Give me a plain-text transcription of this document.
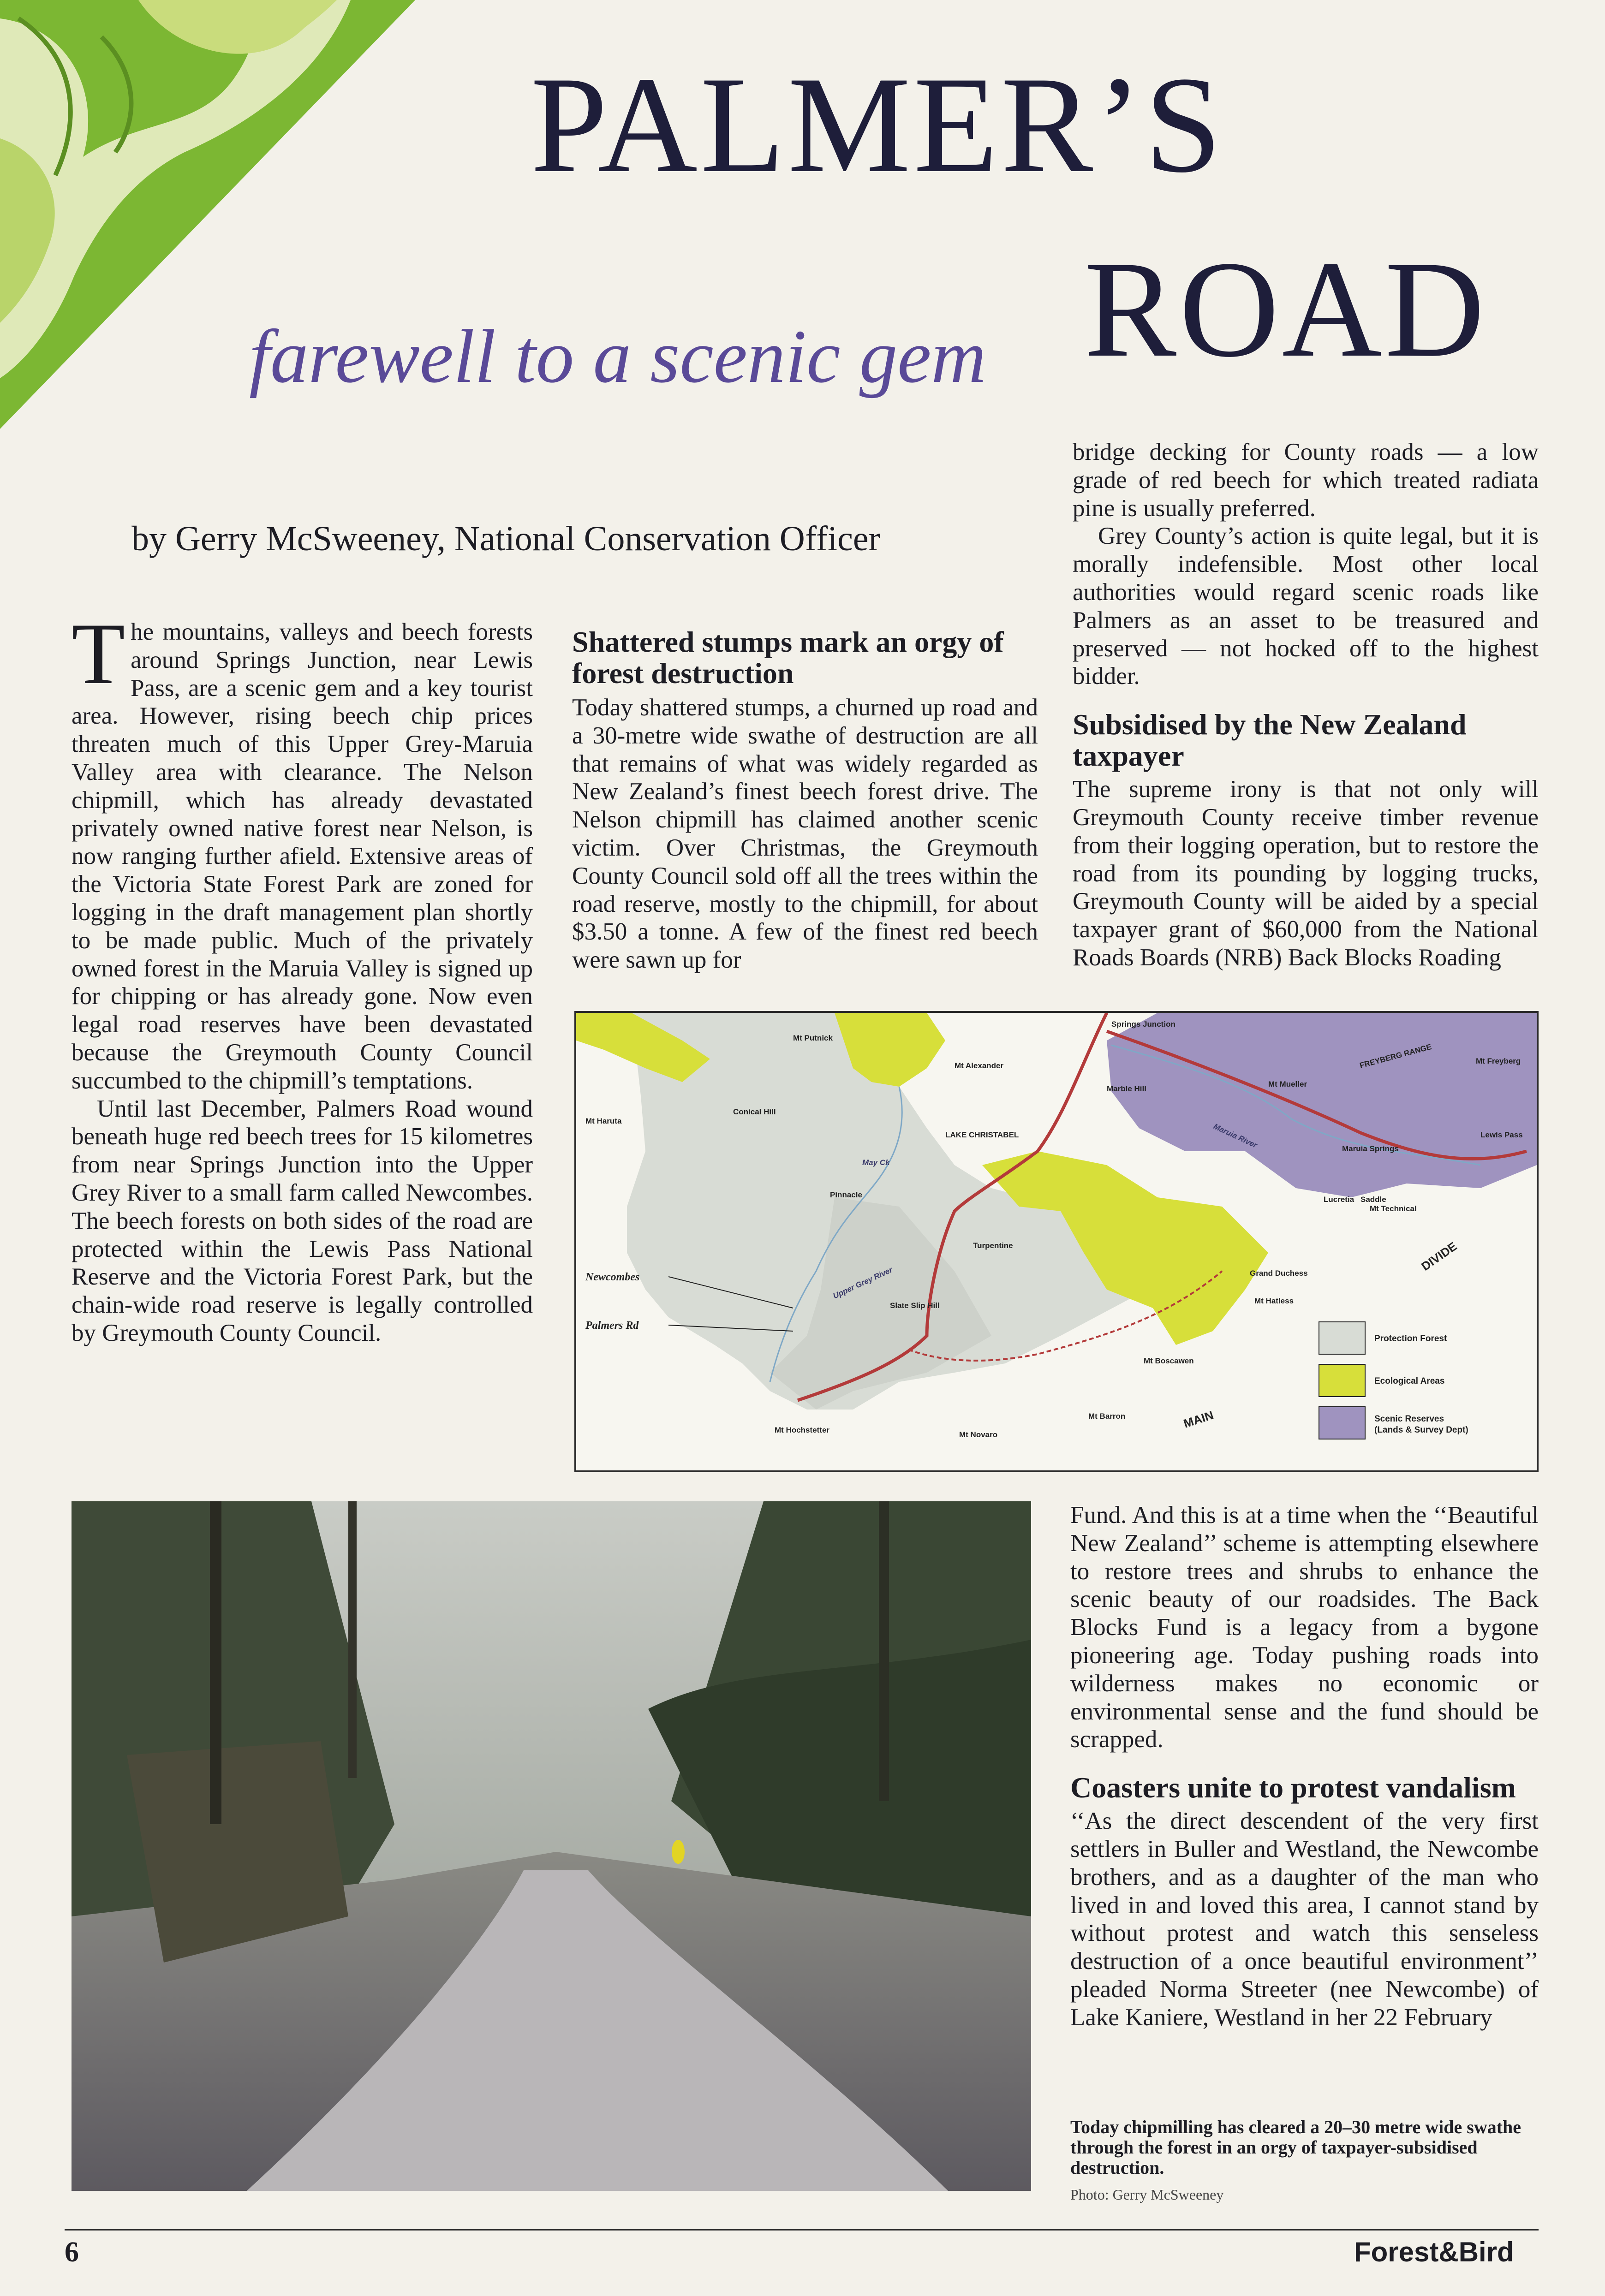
PALMER’S
ROAD
farewell to a scenic gem
by Gerry McSweeney, National Conservation Officer

The mountains, valleys and beech forests around Springs Junction, near Lewis Pass, are a scenic gem and a key tourist area. However, rising beech chip prices threaten much of this Upper Grey-Maruia Valley area with clearance. The Nelson chipmill, which has already devastated privately owned native forest near Nelson, is now ranging further afield. Extensive areas of the Victoria State Forest Park are zoned for logging in the draft management plan shortly to be made public. Much of the privately owned forest in the Maruia Valley is signed up for chipping or has already gone. Now even legal road reserves have been devastated because the Greymouth County Council succumbed to the chipmill’s temptations.

Until last December, Palmers Road wound beneath huge red beech trees for 15 kilometres from near Springs Junction into the Upper Grey River to a small farm called Newcombes. The beech forests on both sides of the road are protected within the Lewis Pass National Reserve and the Victoria Forest Park, but the chain-wide road reserve is legally controlled by Greymouth County Council.

Shattered stumps mark an orgy of forest destruction

Today shattered stumps, a churned up road and a 30-metre wide swathe of destruction are all that remains of what was widely regarded as New Zealand’s finest beech forest drive. The Nelson chipmill has claimed another scenic victim. Over Christmas, the Greymouth County Council sold off all the trees within the road reserve, mostly to the chipmill, for about $3.50 a tonne. A few of the finest red beech were sawn up for

bridge decking for County roads — a low grade of red beech for which treated radiata pine is usually preferred.

Grey County’s action is quite legal, but it is morally indefensible. Most other local authorities would regard scenic roads like Palmers as an asset to be treasured and preserved — not hocked off to the highest bidder.

Subsidised by the New Zealand taxpayer

The supreme irony is that not only will Greymouth County receive timber revenue from their logging operation, but to restore the road from its pounding by logging trucks, Greymouth County will be aided by a special taxpayer grant of $60,000 from the National Roads Boards (NRB) Back Blocks Roading

Mt Putnick
Mt Alexander
Springs Junction
Marble Hill
Mt Mueller
Mt Freyberg
Mt Haruta
Conical Hill
LAKE CHRISTABEL
Pinnacle
Turpentine
Slate Slip Hill
Maruia Springs
Lewis Pass
Lucretia
Mt Technical
Saddle
Grand Duchess
Mt Hatless
Mt Boscawen
Mt Barron
Mt Hochstetter
Mt Novaro
FREYBERG RANGE
Maruia River
May Ck
Upper Grey River
MAIN
DIVIDE
Newcombes
Palmers Rd
Protection Forest
Ecological Areas
Scenic Reserves
(Lands & Survey Dept)

Fund. And this is at a time when the ‘‘Beautiful New Zealand’’ scheme is attempting elsewhere to restore trees and shrubs to enhance the scenic beauty of our roadsides. The Back Blocks Fund is a legacy from a bygone pioneering age. Today pushing roads into wilderness makes no economic or environmental sense and the fund should be scrapped.

Coasters unite to protest vandalism

‘‘As the direct descendent of the very first settlers in Buller and Westland, the Newcombe brothers, and as a daughter of the man who lived in and loved this area, I cannot stand by without protest and watch this senseless destruction of a once beautiful environment’’ pleaded Norma Streeter (nee Newcombe) of Lake Kaniere, Westland in her 22 February

Today chipmilling has cleared a 20–30 metre wide swathe through the forest in an orgy of taxpayer-subsidised destruction.
Photo: Gerry McSweeney
6	Forest&Bird
